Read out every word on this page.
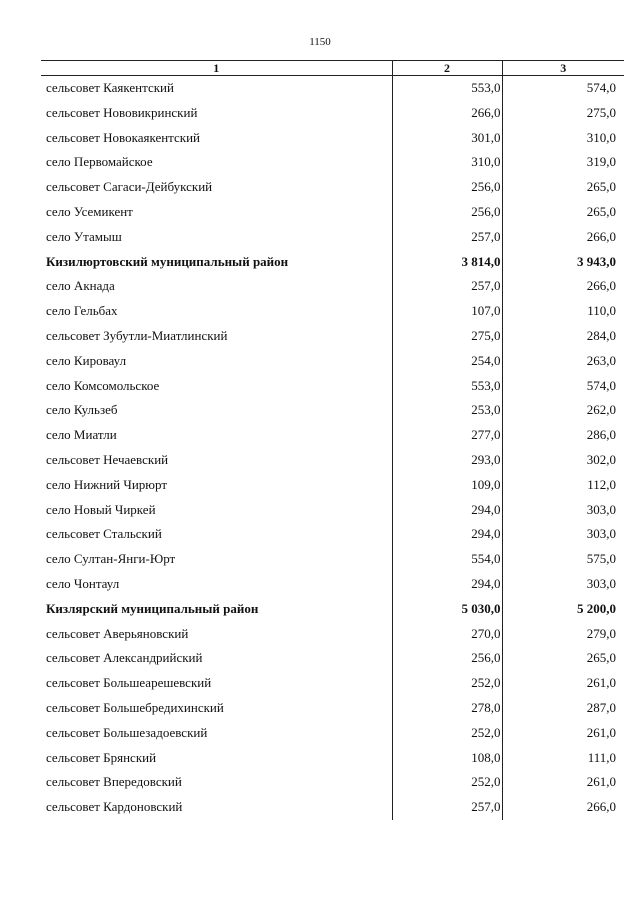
1150
1	2	3
сельсовет Каякентский	553,0	574,0
сельсовет Нововикринский	266,0	275,0
сельсовет Новокаякентский	301,0	310,0
село Первомайское	310,0	319,0
сельсовет Сагаси-Дейбукский	256,0	265,0
село Усемикент	256,0	265,0
село Утамыш	257,0	266,0
Кизилюртовский муниципальный район	3 814,0	3 943,0
село Акнада	257,0	266,0
село Гельбах	107,0	110,0
сельсовет Зубутли-Миатлинский	275,0	284,0
село Кироваул	254,0	263,0
село Комсомольское	553,0	574,0
село Кульзеб	253,0	262,0
село Миатли	277,0	286,0
сельсовет Нечаевский	293,0	302,0
село Нижний Чирюрт	109,0	112,0
село Новый Чиркей	294,0	303,0
сельсовет Стальский	294,0	303,0
село Султан-Янги-Юрт	554,0	575,0
село Чонтаул	294,0	303,0
Кизлярский муниципальный район	5 030,0	5 200,0
сельсовет Аверьяновский	270,0	279,0
сельсовет Александрийский	256,0	265,0
сельсовет Большеарешевский	252,0	261,0
сельсовет Большебредихинский	278,0	287,0
сельсовет Большезадоевский	252,0	261,0
сельсовет Брянский	108,0	111,0
сельсовет Впередовский	252,0	261,0
сельсовет Кардоновский	257,0	266,0
